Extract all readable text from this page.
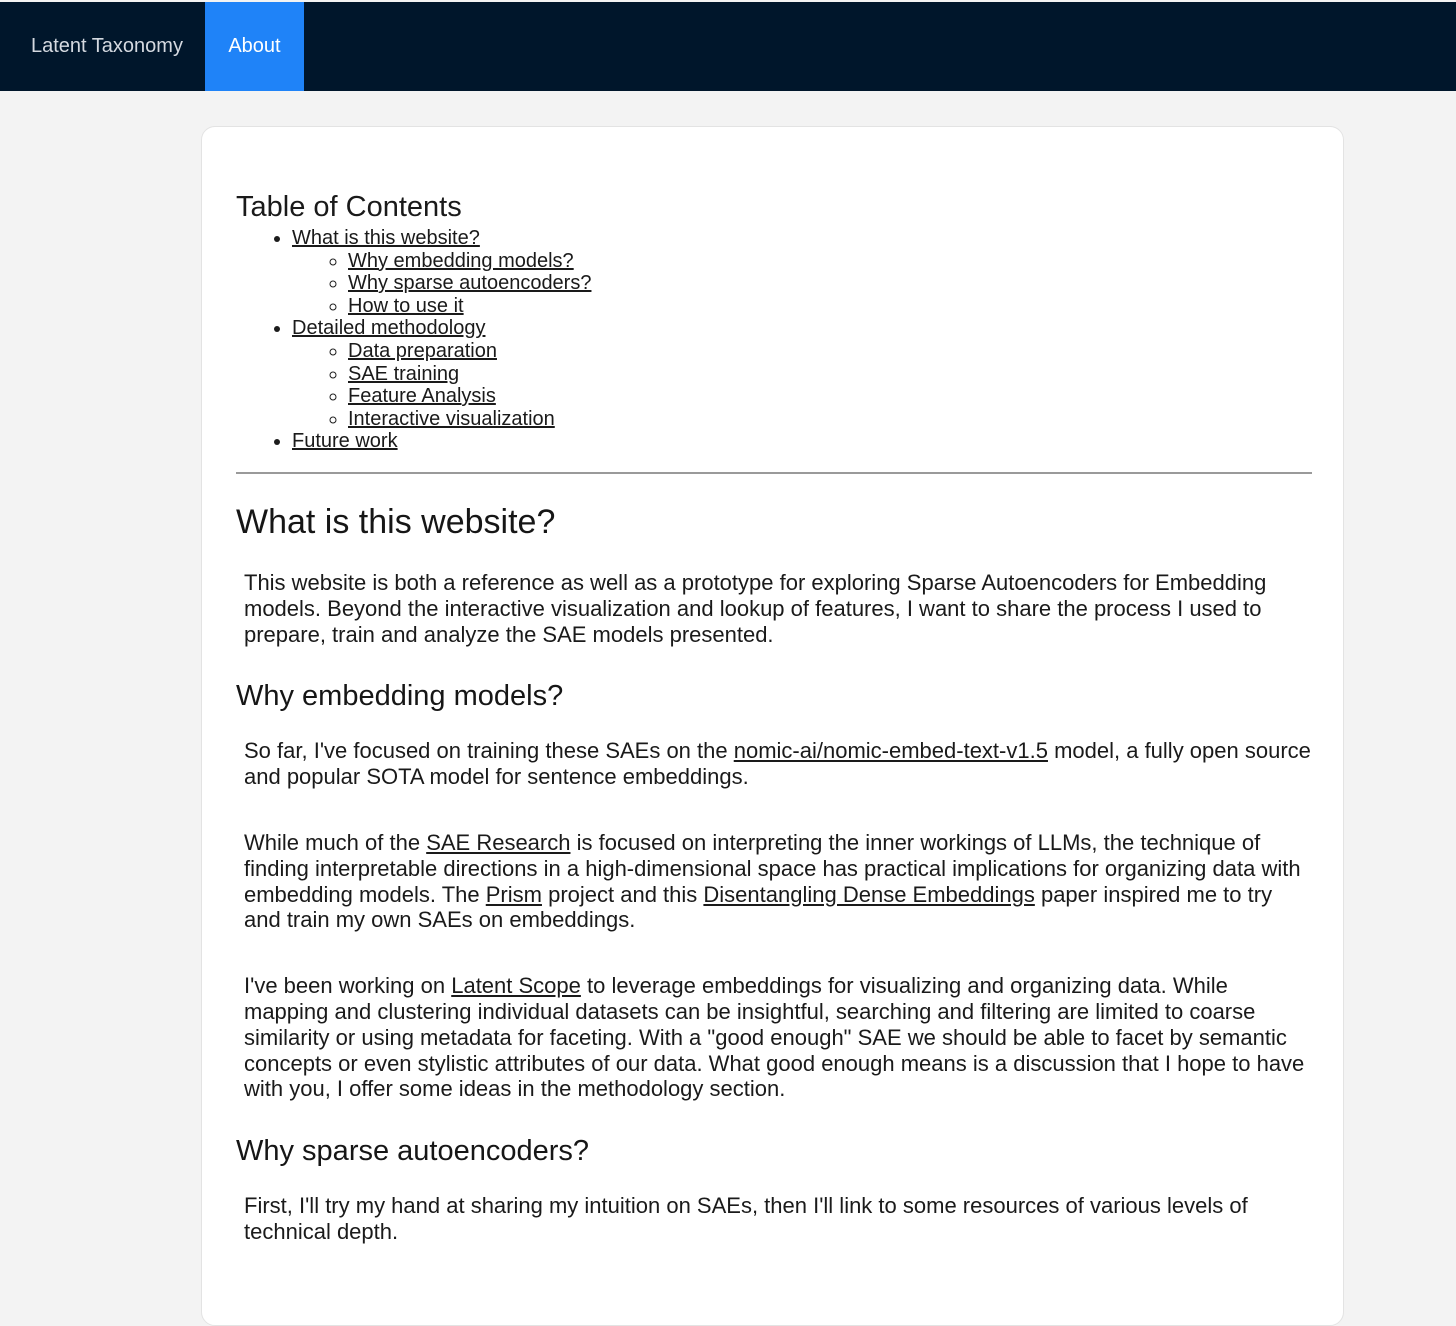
Latent Taxonomy	About
Table of Contents
• What is this website?
◦ Why embedding models?
◦ Why sparse autoencoders?
◦ How to use it
• Detailed methodology
◦ Data preparation
◦ SAE training
◦ Feature Analysis
◦ Interactive visualization
• Future work
What is this website?

This website is both a reference as well as a prototype for exploring Sparse Autoencoders for Embedding models. Beyond the interactive visualization and lookup of features, I want to share the process I used to prepare, train and analyze the SAE models presented.

Why embedding models?

So far, I've focused on training these SAEs on the nomic-ai/nomic-embed-text-v1.5 model, a fully open source and popular SOTA model for sentence embeddings.

While much of the SAE Research is focused on interpreting the inner workings of LLMs, the technique of finding interpretable directions in a high-dimensional space has practical implications for organizing data with embedding models. The Prism project and this Disentangling Dense Embeddings paper inspired me to try and train my own SAEs on embeddings.

I've been working on Latent Scope to leverage embeddings for visualizing and organizing data. While mapping and clustering individual datasets can be insightful, searching and filtering are limited to coarse similarity or using metadata for faceting. With a "good enough" SAE we should be able to facet by semantic concepts or even stylistic attributes of our data. What good enough means is a discussion that I hope to have with you, I offer some ideas in the methodology section.

Why sparse autoencoders?

First, I'll try my hand at sharing my intuition on SAEs, then I'll link to some resources of various levels of technical depth.
